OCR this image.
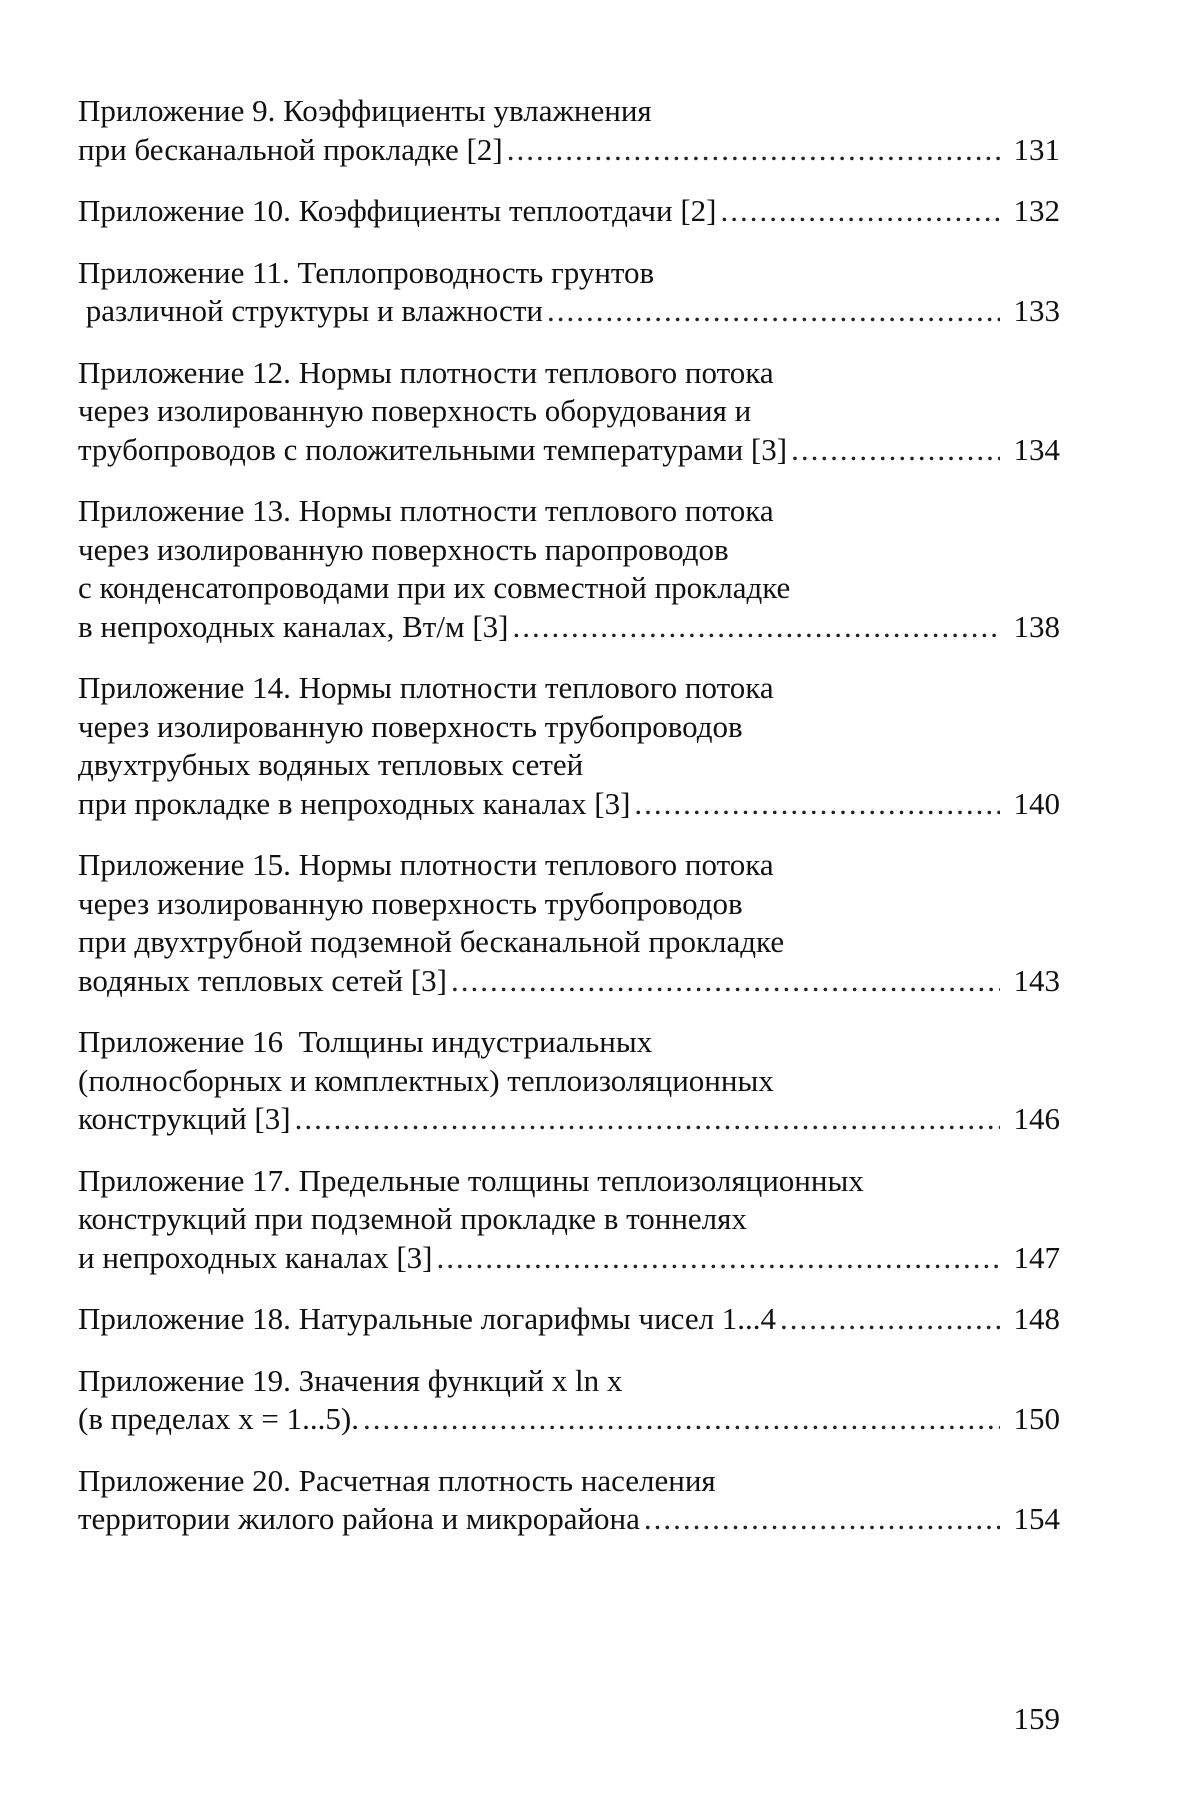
Приложение 9. Коэффициенты увлажнения
при бесканальной прокладке [2] .....	131
Приложение 10. Коэффициенты теплоотдачи [2] .....	132
Приложение 11. Теплопроводность грунтов
различной структуры и влажности .....	133
Приложение 12. Нормы плотности теплового потока
через изолированную поверхность оборудования и
трубопроводов с положительными температурами [3] .....	134
Приложение 13. Нормы плотности теплового потока
через изолированную поверхность паропроводов
с конденсатопроводами при их совместной прокладке
в непроходных каналах, Вт/м [3] .....	138
Приложение 14. Нормы плотности теплового потока
через изолированную поверхность трубопроводов
двухтрубных водяных тепловых сетей
при прокладке в непроходных каналах [3] .....	140
Приложение 15. Нормы плотности теплового потока
через изолированную поверхность трубопроводов
при двухтрубной подземной бесканальной прокладке
водяных тепловых сетей [3] .....	143
Приложение 16  Толщины индустриальных
(полносборных и комплектных) теплоизоляционных
конструкций [3] .....	146
Приложение 17. Предельные толщины теплоизоляционных
конструкций при подземной прокладке в тоннелях
и непроходных каналах [3] .....	147
Приложение 18. Натуральные логарифмы чисел 1...4 .....	148
Приложение 19. Значения функций x ln x
(в пределах x = 1...5). .....	150
Приложение 20. Расчетная плотность населения
территории жилого района и микрорайона .....	154
159
